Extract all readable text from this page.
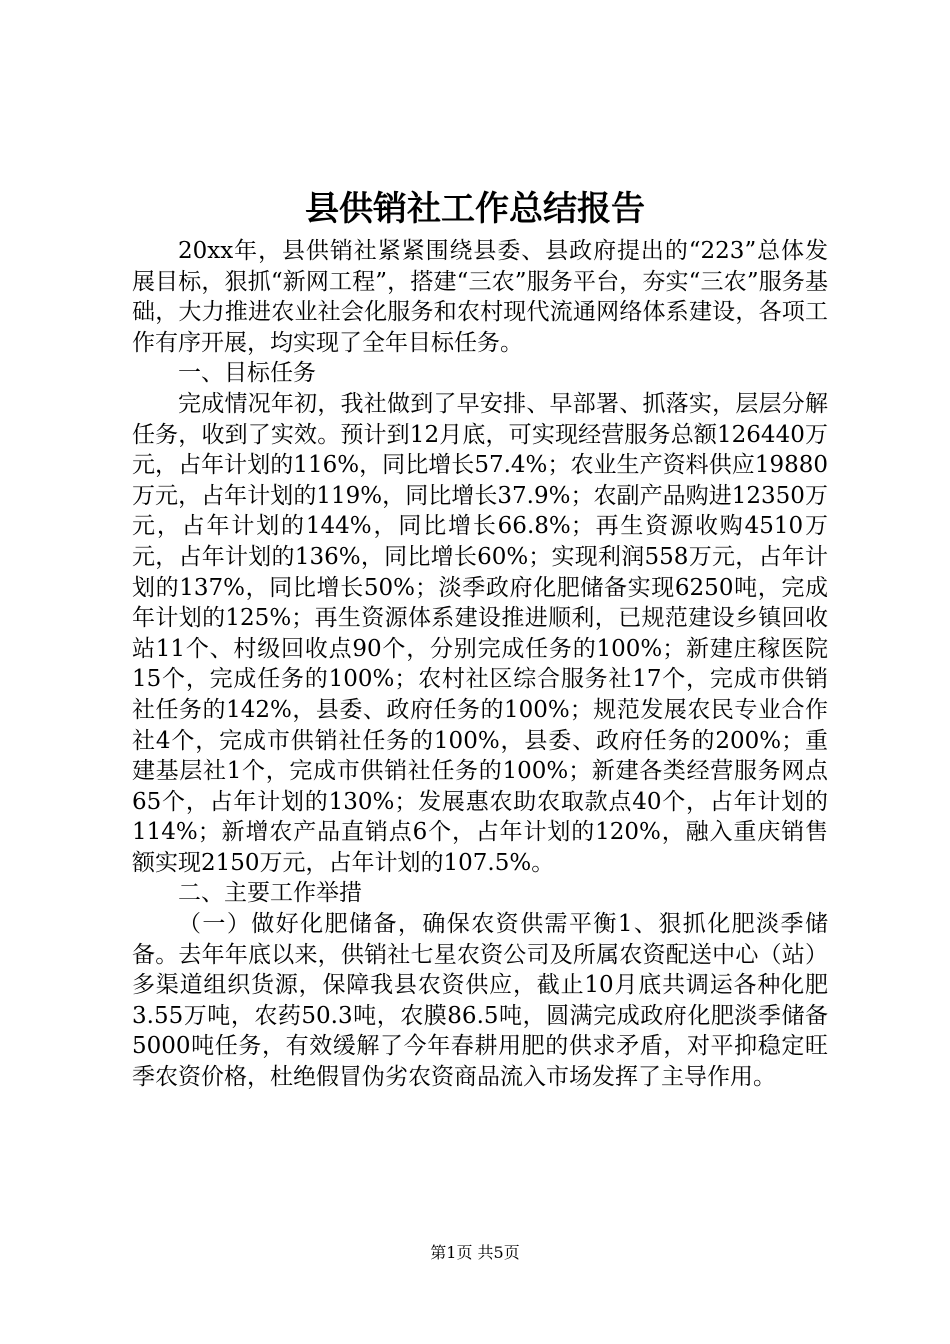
县供销社工作总结报告

20xx年，县供销社紧紧围绕县委、县政府提出的“223”总体发展目标，狠抓“新网工程”，搭建“三农”服务平台，夯实“三农”服务基础，大力推进农业社会化服务和农村现代流通网络体系建设，各项工作有序开展，均实现了全年目标任务。

一、目标任务

完成情况年初，我社做到了早安排、早部署、抓落实，层层分解任务，收到了实效。预计到12月底，可实现经营服务总额126440万元，占年计划的116%，同比增长57.4%；农业生产资料供应19880万元，占年计划的119%，同比增长37.9%；农副产品购进12350万元，占年计划的144%，同比增长66.8%；再生资源收购4510万元，占年计划的136%，同比增长60%；实现利润558万元，占年计划的137%，同比增长50%；淡季政府化肥储备实现6250吨，完成年计划的125%；再生资源体系建设推进顺利，已规范建设乡镇回收站11个、村级回收点90个，分别完成任务的100%；新建庄稼医院15个，完成任务的100%；农村社区综合服务社17个，完成市供销社任务的142%，县委、政府任务的100%；规范发展农民专业合作社4个，完成市供销社任务的100%，县委、政府任务的200%；重建基层社1个，完成市供销社任务的100%；新建各类经营服务网点65个，占年计划的130%；发展惠农助农取款点40个，占年计划的114%；新增农产品直销点6个，占年计划的120%，融入重庆销售额实现2150万元，占年计划的107.5%。

二、主要工作举措

（一）做好化肥储备，确保农资供需平衡1、狠抓化肥淡季储备。去年年底以来，供销社七星农资公司及所属农资配送中心（站）多渠道组织货源，保障我县农资供应，截止10月底共调运各种化肥3.55万吨，农药50.3吨，农膜86.5吨，圆满完成政府化肥淡季储备5000吨任务，有效缓解了今年春耕用肥的供求矛盾，对平抑稳定旺季农资价格，杜绝假冒伪劣农资商品流入市场发挥了主导作用。

第1页 共5页
